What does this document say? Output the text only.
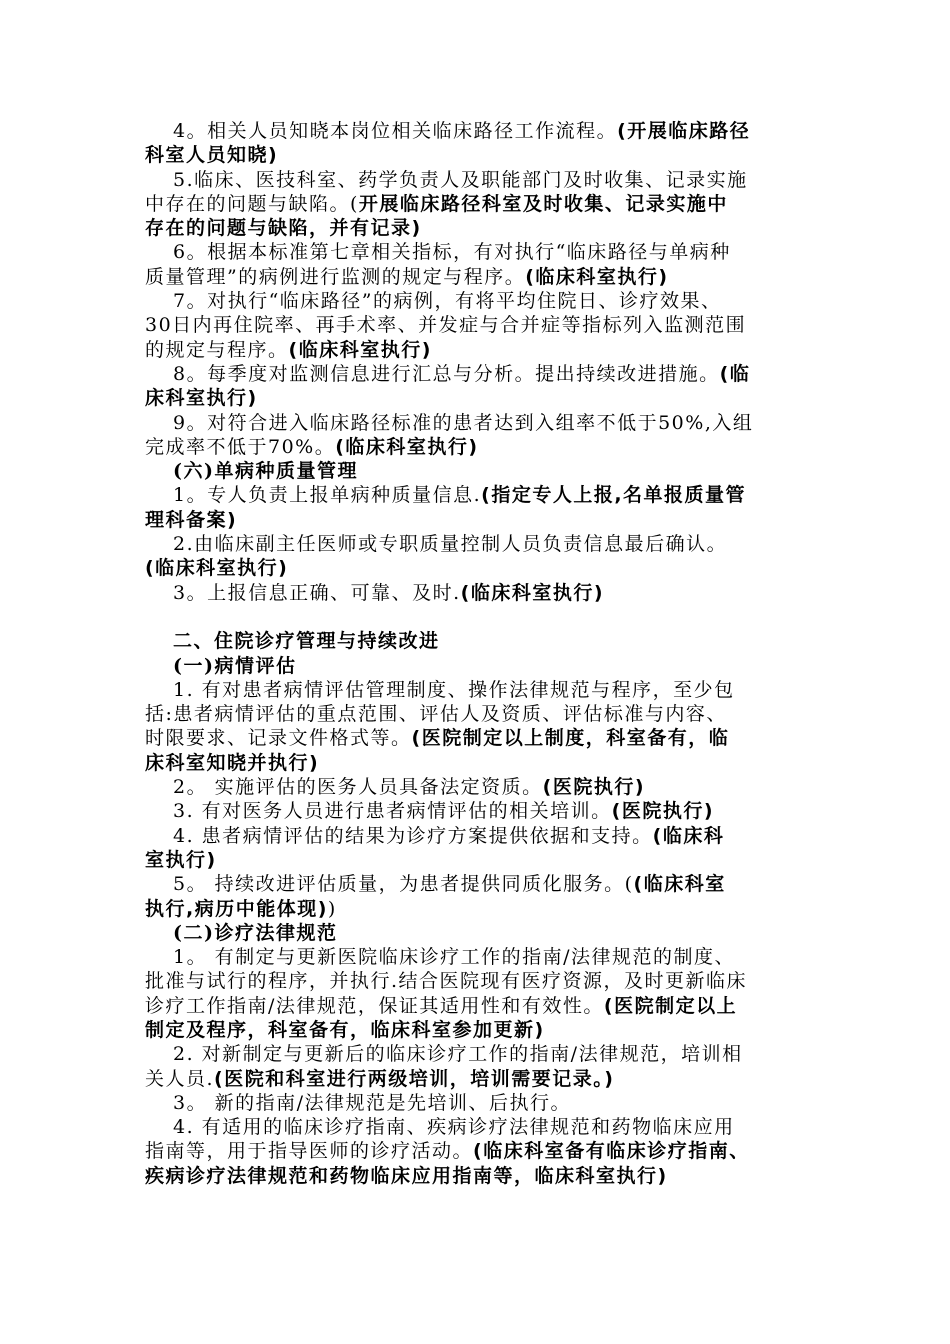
4。相关人员知晓本岗位相关临床路径工作流程。(开展临床路径
科室人员知晓)
5.临床、医技科室、药学负责人及职能部门及时收集、记录实施
中存在的问题与缺陷。(开展临床路径科室及时收集、记录实施中
存在的问题与缺陷，并有记录)
6。根据本标准第七章相关指标，有对执行“临床路径与单病种
质量管理”的病例进行监测的规定与程序。(临床科室执行)
7。对执行“临床路径”的病例，有将平均住院日、诊疗效果、
30日内再住院率、再手术率、并发症与合并症等指标列入监测范围
的规定与程序。(临床科室执行)
8。每季度对监测信息进行汇总与分析。提出持续改进措施。(临
床科室执行)
9。对符合进入临床路径标准的患者达到入组率不低于50%,入组
完成率不低于70%。(临床科室执行)
(六)单病种质量管理
1。专人负责上报单病种质量信息.(指定专人上报,名单报质量管
理科备案)
2.由临床副主任医师或专职质量控制人员负责信息最后确认。
(临床科室执行)
3。上报信息正确、可靠、及时.(临床科室执行)
二、住院诊疗管理与持续改进
(一)病情评估
1. 有对患者病情评估管理制度、操作法律规范与程序，至少包
括:患者病情评估的重点范围、评估人及资质、评估标准与内容、
时限要求、记录文件格式等。(医院制定以上制度，科室备有，临
床科室知晓并执行)
2。 实施评估的医务人员具备法定资质。(医院执行)
3. 有对医务人员进行患者病情评估的相关培训。(医院执行)
4. 患者病情评估的结果为诊疗方案提供依据和支持。(临床科
室执行)
5。 持续改进评估质量，为患者提供同质化服务。((临床科室
执行,病历中能体现))
(二)诊疗法律规范
1。 有制定与更新医院临床诊疗工作的指南/法律规范的制度、
批准与试行的程序，并执行.结合医院现有医疗资源，及时更新临床
诊疗工作指南/法律规范，保证其适用性和有效性。(医院制定以上
制定及程序，科室备有，临床科室参加更新)
2. 对新制定与更新后的临床诊疗工作的指南/法律规范，培训相
关人员.(医院和科室进行两级培训，培训需要记录。)
3。 新的指南/法律规范是先培训、后执行。
4. 有适用的临床诊疗指南、疾病诊疗法律规范和药物临床应用
指南等，用于指导医师的诊疗活动。(临床科室备有临床诊疗指南、
疾病诊疗法律规范和药物临床应用指南等，临床科室执行)
